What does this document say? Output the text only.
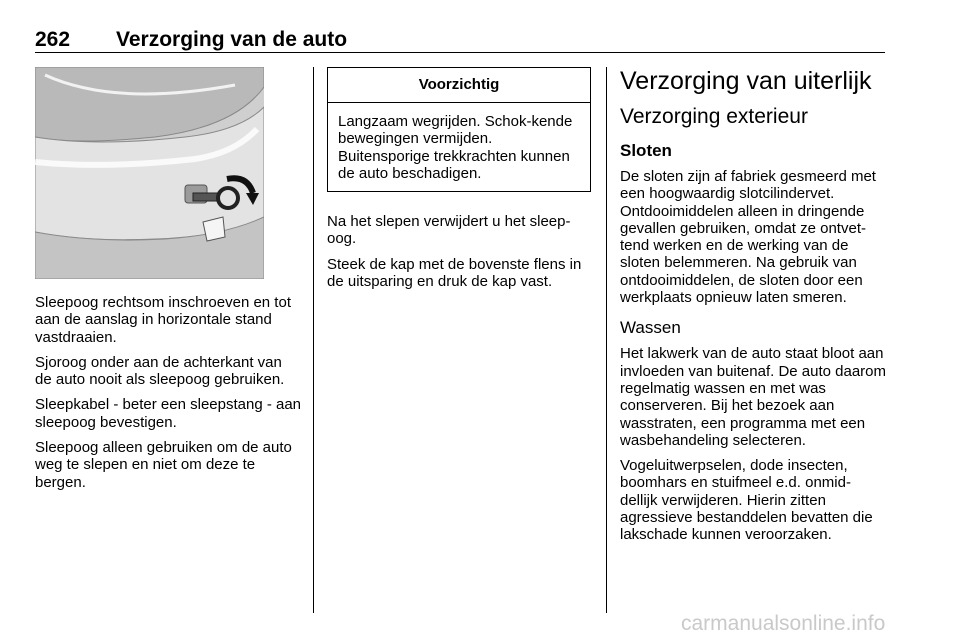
262 Verzorging van de auto

Sleepoog rechtsom inschroeven en tot aan de aanslag in horizontale stand vastdraaien.

Sjoroog onder aan de achterkant van de auto nooit als sleepoog gebruiken.

Sleepkabel - beter een sleepstang - aan sleepoog bevestigen.

Sleepoog alleen gebruiken om de auto weg te slepen en niet om deze te bergen.

Voorzichtig
Langzaam wegrijden. Schok-kende bewegingen vermijden. Buitensporige trekkrachten kunnen de auto beschadigen.

Na het slepen verwijdert u het sleep-oog.

Steek de kap met de bovenste flens in de uitsparing en druk de kap vast.

Verzorging van uiterlijk
Verzorging exterieur
Sloten

De sloten zijn af fabriek gesmeerd met een hoogwaardig slotcilindervet. Ontdooimiddelen alleen in dringende gevallen gebruiken, omdat ze ontvet-tend werken en de werking van de sloten belemmeren. Na gebruik van ontdooimiddelen, de sloten door een werkplaats opnieuw laten smeren.

Wassen

Het lakwerk van de auto staat bloot aan invloeden van buitenaf. De auto daarom regelmatig wassen en met was conserveren. Bij het bezoek aan wasstraten, een programma met een wasbehandeling selecteren.

Vogeluitwerpselen, dode insecten, boomhars en stuifmeel e.d. onmid-dellijk verwijderen. Hierin zitten agressieve bestanddelen bevatten die lakschade kunnen veroorzaken.

carmanualsonline.info
